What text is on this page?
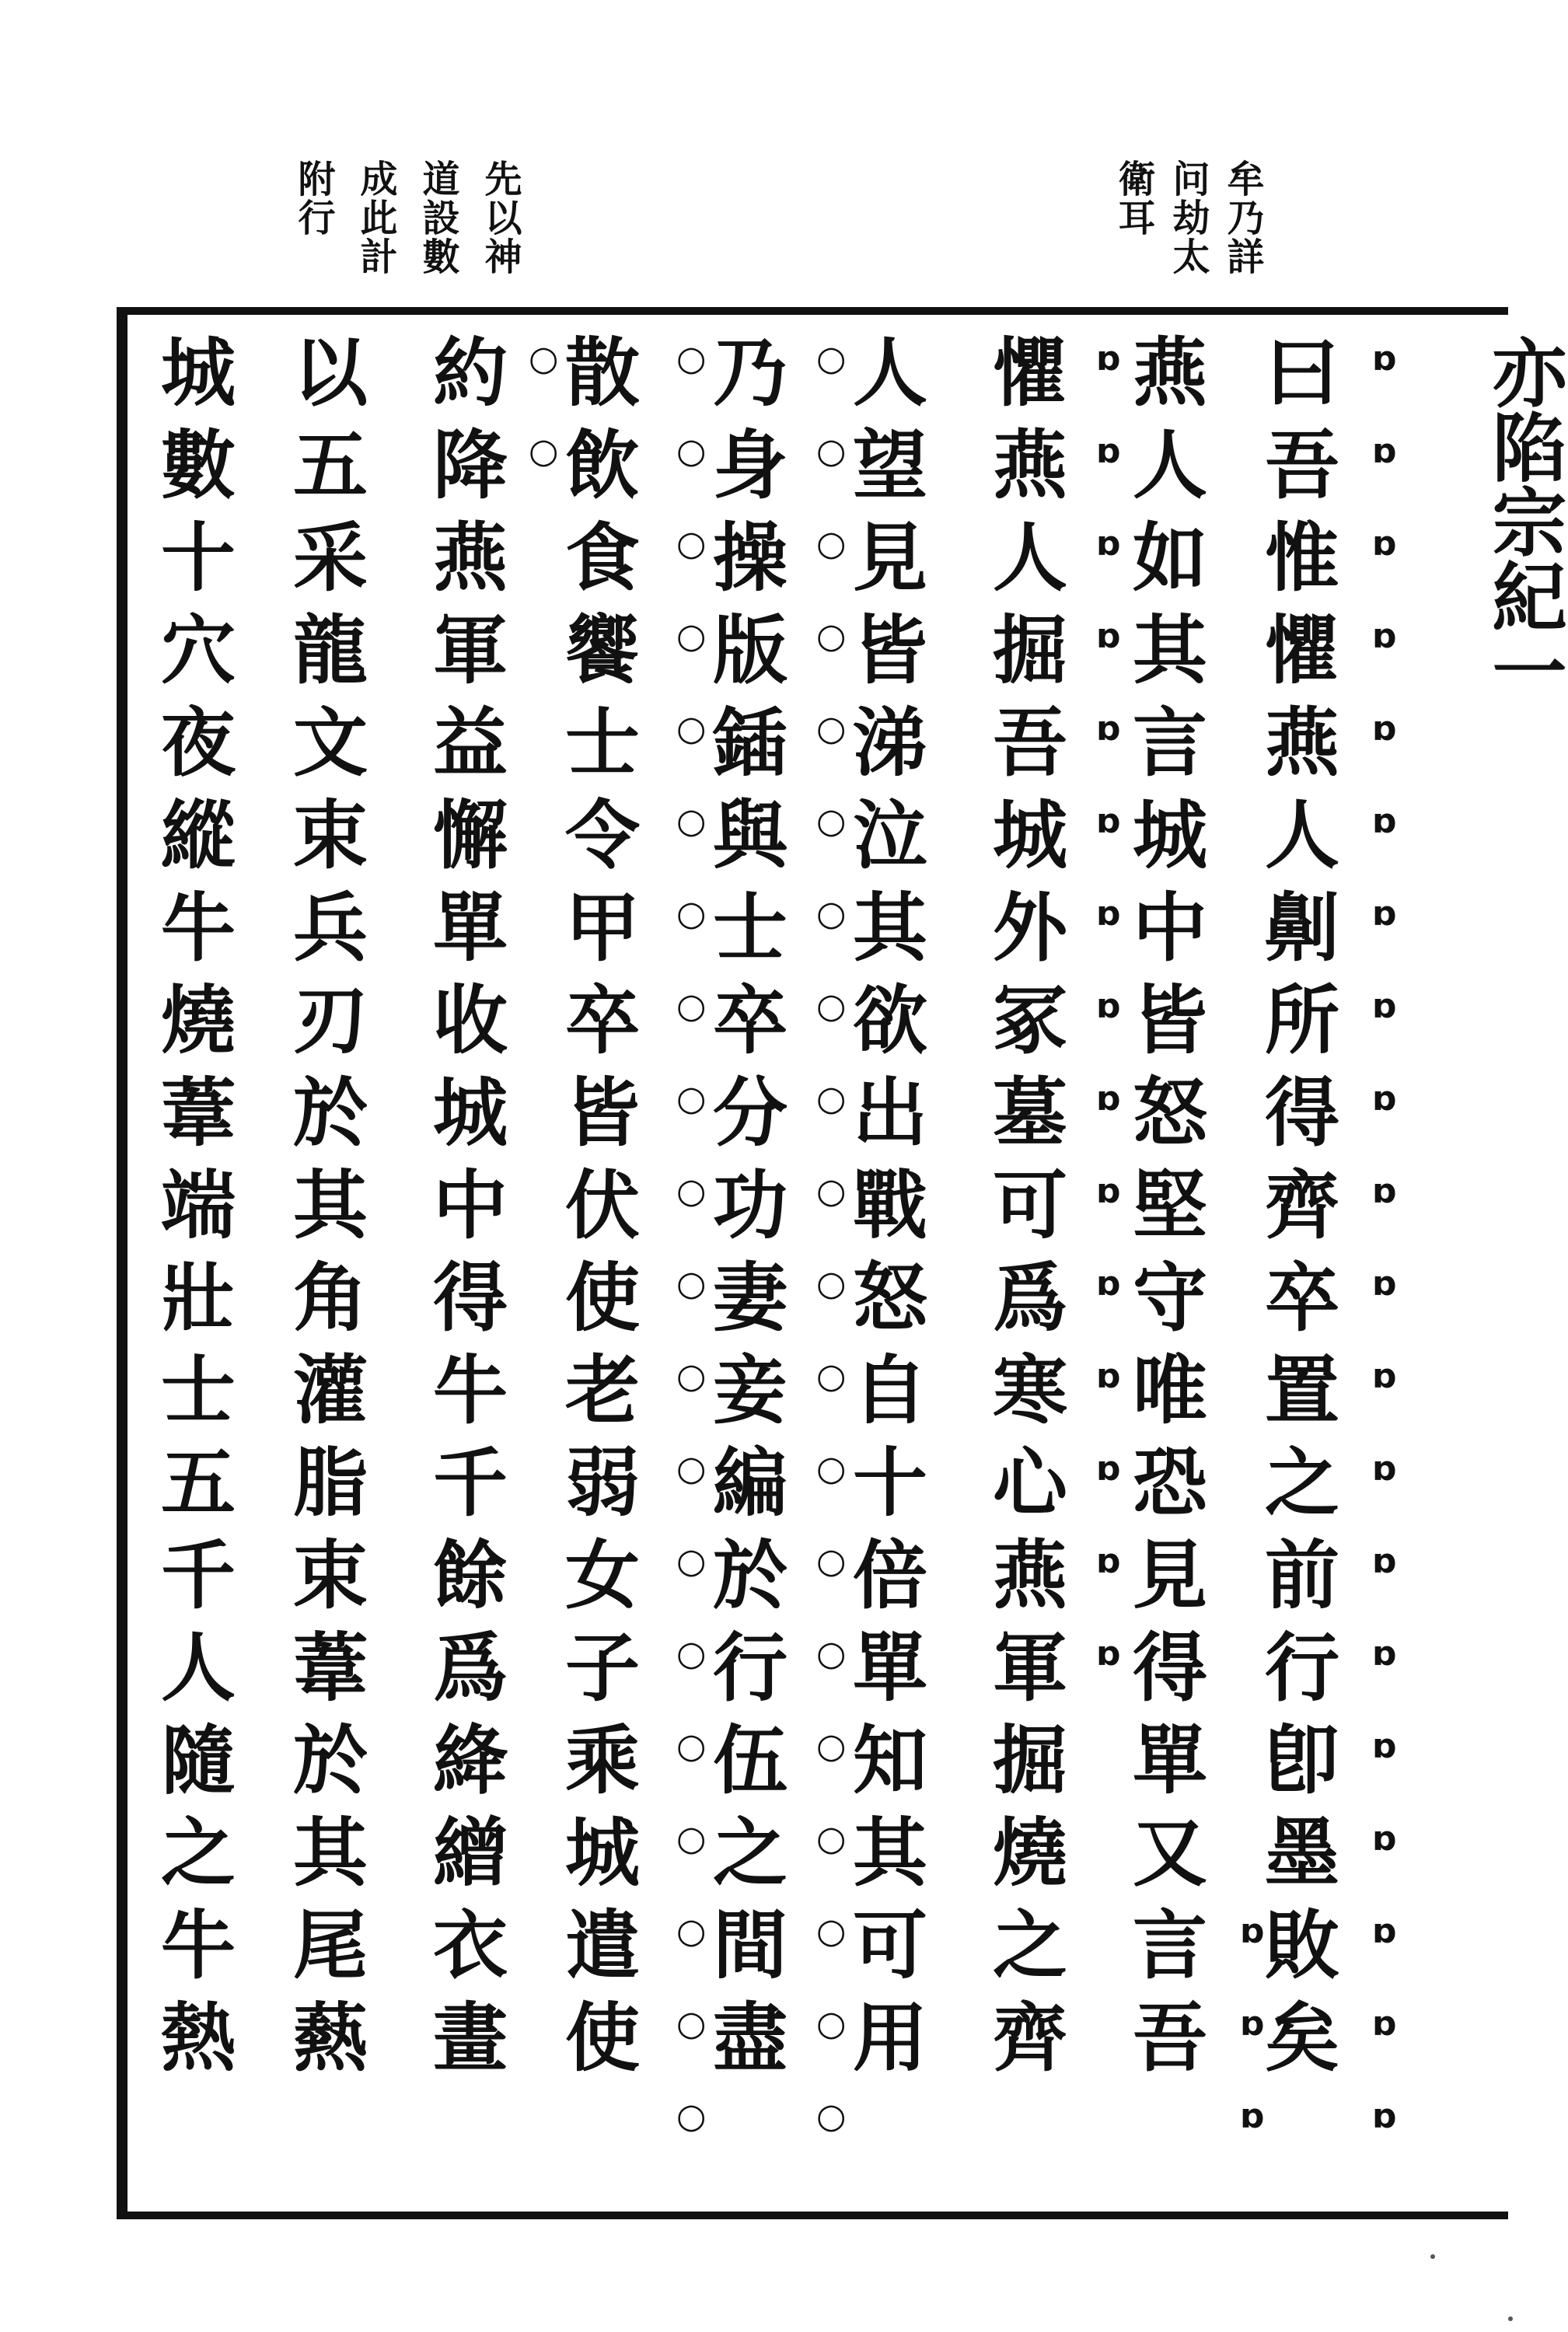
曰
吾
惟
懼
燕
人
劓
所
得
齊
卒
置
之
前
行
卽
墨
敗
矣
燕
人
如
其
言
城
中
皆
怒
堅
守
唯
恐
見
得
單
又
言
吾
懼
燕
人
掘
吾
城
外
冢
墓
可
爲
寒
心
燕
軍
掘
燒
之
齊
人
望
見
皆
涕
泣
其
欲
出
戰
怒
自
十
倍
單
知
其
可
用
乃
身
操
版
鍤
與
士
卒
分
功
妻
妾
編
於
行
伍
之
間
盡
散
飲
食
饗
士
令
甲
卒
皆
伏
使
老
弱
女
子
乘
城
遣
使
約
降
燕
軍
益
懈
單
收
城
中
得
牛
千
餘
爲
絳
繒
衣
畫
以
五
采
龍
文
束
兵
刃
於
其
角
灌
脂
束
葦
於
其
尾
爇
城
數
十
穴
夜
縱
牛
燒
葦
端
壯
士
五
千
人
隨
之
牛
熱
亦陷宗紀一
牟乃詳
问劫太
衛耳
先以神
道設數
成此計
附行
ɒ
ɒ
ɒ
ɒ
ɒ
ɒ
ɒ
ɒ
ɒ
ɒ
ɒ
ɒ
ɒ
ɒ
ɒ
ɒ
ɒ
ɒ
ɒ
ɒ
ɒ
ɒ
ɒ
ɒ
ɒ
ɒ
ɒ
ɒ
ɒ
ɒ
ɒ
ɒ
ɒ
ɒ
ɒ
ɒ
ɒ
ɒ
○
○
○
○
○
○
○
○
○
○
○
○
○
○
○
○
○
○
○
○
○
○
○
○
○
○
○
○
○
○
○
○
○
○
○
○
○
○
○
○
○
○
